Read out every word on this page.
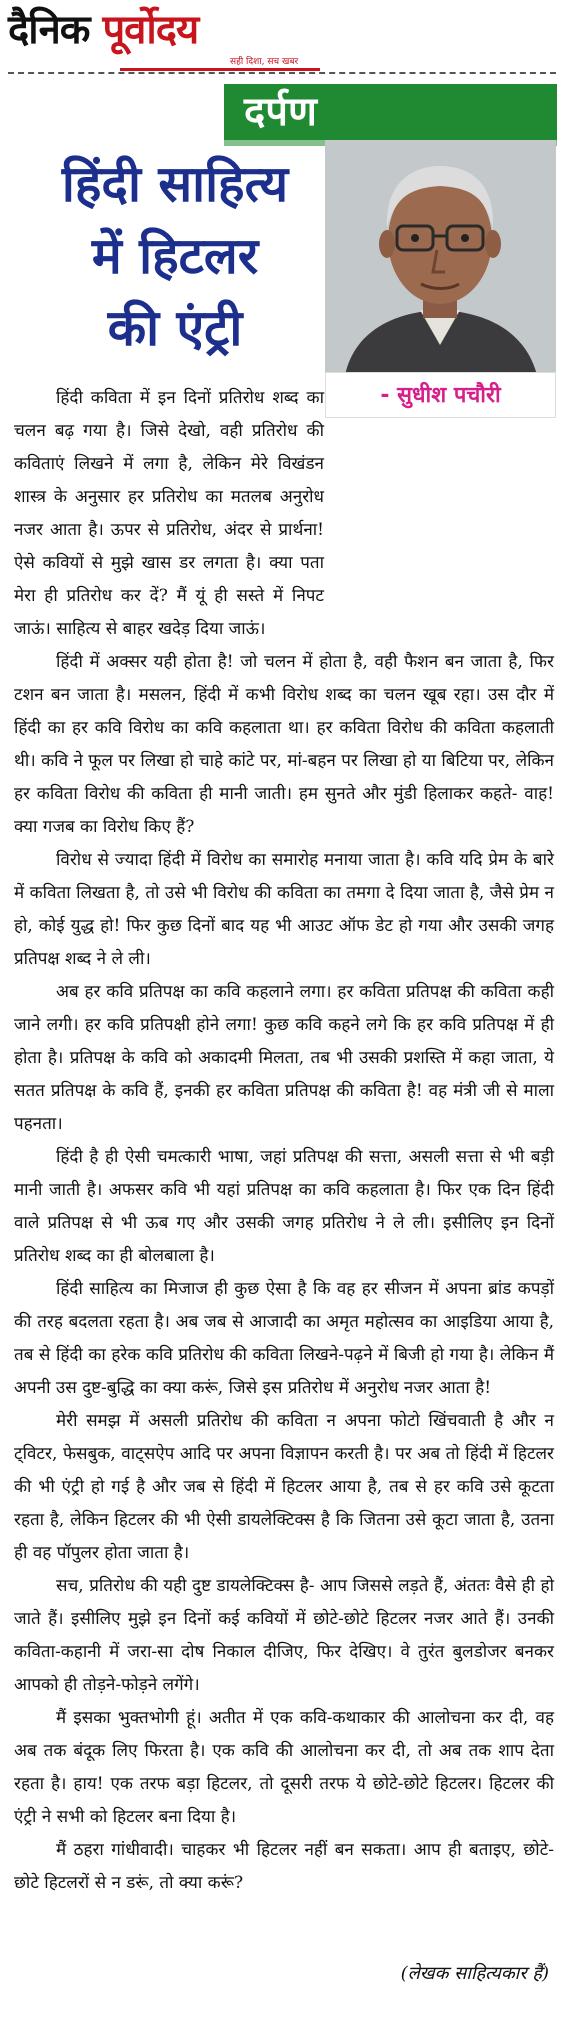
दैनिक पूर्वोदय
सही दिशा, सच खबर
दर्पण
हिंदी साहित्य
में हिटलर
की एंट्री
- सुधीश पचौरी

हिंदी कविता में इन दिनों प्रतिरोध शब्द का चलन बढ़ गया है। जिसे देखो, वही प्रतिरोध की कविताएं लिखने में लगा है, लेकिन मेरे विखंडन शास्त्र के अनुसार हर प्रतिरोध का मतलब अनुरोध नजर आता है। ऊपर से प्रतिरोध, अंदर से प्रार्थना! ऐसे कवियों से मुझे खास डर लगता है। क्या पता मेरा ही प्रतिरोध कर दें? मैं यूं ही सस्ते में निपट जाऊं। साहित्य से बाहर खदेड़ दिया जाऊं।

हिंदी में अक्सर यही होता है! जो चलन में होता है, वही फैशन बन जाता है, फिर टशन बन जाता है। मसलन, हिंदी में कभी विरोध शब्द का चलन खूब रहा। उस दौर में हिंदी का हर कवि विरोध का कवि कहलाता था। हर कविता विरोध की कविता कहलाती थी। कवि ने फूल पर लिखा हो चाहे कांटे पर, मां-बहन पर लिखा हो या बिटिया पर, लेकिन हर कविता विरोध की कविता ही मानी जाती। हम सुनते और मुंडी हिलाकर कहते- वाह! क्या गजब का विरोध किए हैं?

विरोध से ज्यादा हिंदी में विरोध का समारोह मनाया जाता है। कवि यदि प्रेम के बारे में कविता लिखता है, तो उसे भी विरोध की कविता का तमगा दे दिया जाता है, जैसे प्रेम न हो, कोई युद्ध हो! फिर कुछ दिनों बाद यह भी आउट ऑफ डेट हो गया और उसकी जगह प्रतिपक्ष शब्द ने ले ली।

अब हर कवि प्रतिपक्ष का कवि कहलाने लगा। हर कविता प्रतिपक्ष की कविता कही जाने लगी। हर कवि प्रतिपक्षी होने लगा! कुछ कवि कहने लगे कि हर कवि प्रतिपक्ष में ही होता है। प्रतिपक्ष के कवि को अकादमी मिलता, तब भी उसकी प्रशस्ति में कहा जाता, ये सतत प्रतिपक्ष के कवि हैं, इनकी हर कविता प्रतिपक्ष की कविता है! वह मंत्री जी से माला पहनता।

हिंदी है ही ऐसी चमत्कारी भाषा, जहां प्रतिपक्ष की सत्ता, असली सत्ता से भी बड़ी मानी जाती है। अफसर कवि भी यहां प्रतिपक्ष का कवि कहलाता है। फिर एक दिन हिंदी वाले प्रतिपक्ष से भी ऊब गए और उसकी जगह प्रतिरोध ने ले ली। इसीलिए इन दिनों प्रतिरोध शब्द का ही बोलबाला है।

हिंदी साहित्य का मिजाज ही कुछ ऐसा है कि वह हर सीजन में अपना ब्रांड कपड़ों की तरह बदलता रहता है। अब जब से आजादी का अमृत महोत्सव का आइडिया आया है, तब से हिंदी का हरेक कवि प्रतिरोध की कविता लिखने-पढ़ने में बिजी हो गया है। लेकिन मैं अपनी उस दुष्ट-बुद्धि का क्या करूं, जिसे इस प्रतिरोध में अनुरोध नजर आता है!

मेरी समझ में असली प्रतिरोध की कविता न अपना फोटो खिंचवाती है और न ट्विटर, फेसबुक, वाट्सऐप आदि पर अपना विज्ञापन करती है। पर अब तो हिंदी में हिटलर की भी एंट्री हो गई है और जब से हिंदी में हिटलर आया है, तब से हर कवि उसे कूटता रहता है, लेकिन हिटलर की भी ऐसी डायलेक्टिक्स है कि जितना उसे कूटा जाता है, उतना ही वह पॉपुलर होता जाता है।

सच, प्रतिरोध की यही दुष्ट डायलेक्टिक्स है- आप जिससे लड़ते हैं, अंततः वैसे ही हो जाते हैं। इसीलिए मुझे इन दिनों कई कवियों में छोटे-छोटे हिटलर नजर आते हैं। उनकी कविता-कहानी में जरा-सा दोष निकाल दीजिए, फिर देखिए। वे तुरंत बुलडोजर बनकर आपको ही तोड़ने-फोड़ने लगेंगे।

मैं इसका भुक्तभोगी हूं। अतीत में एक कवि-कथाकार की आलोचना कर दी, वह अब तक बंदूक लिए फिरता है। एक कवि की आलोचना कर दी, तो अब तक शाप देता रहता है। हाय! एक तरफ बड़ा हिटलर, तो दूसरी तरफ ये छोटे-छोटे हिटलर। हिटलर की एंट्री ने सभी को हिटलर बना दिया है।

मैं ठहरा गांधीवादी। चाहकर भी हिटलर नहीं बन सकता। आप ही बताइए, छोटे-छोटे हिटलरों से न डरूं, तो क्या करूं?

(लेखक साहित्यकार हैं)
